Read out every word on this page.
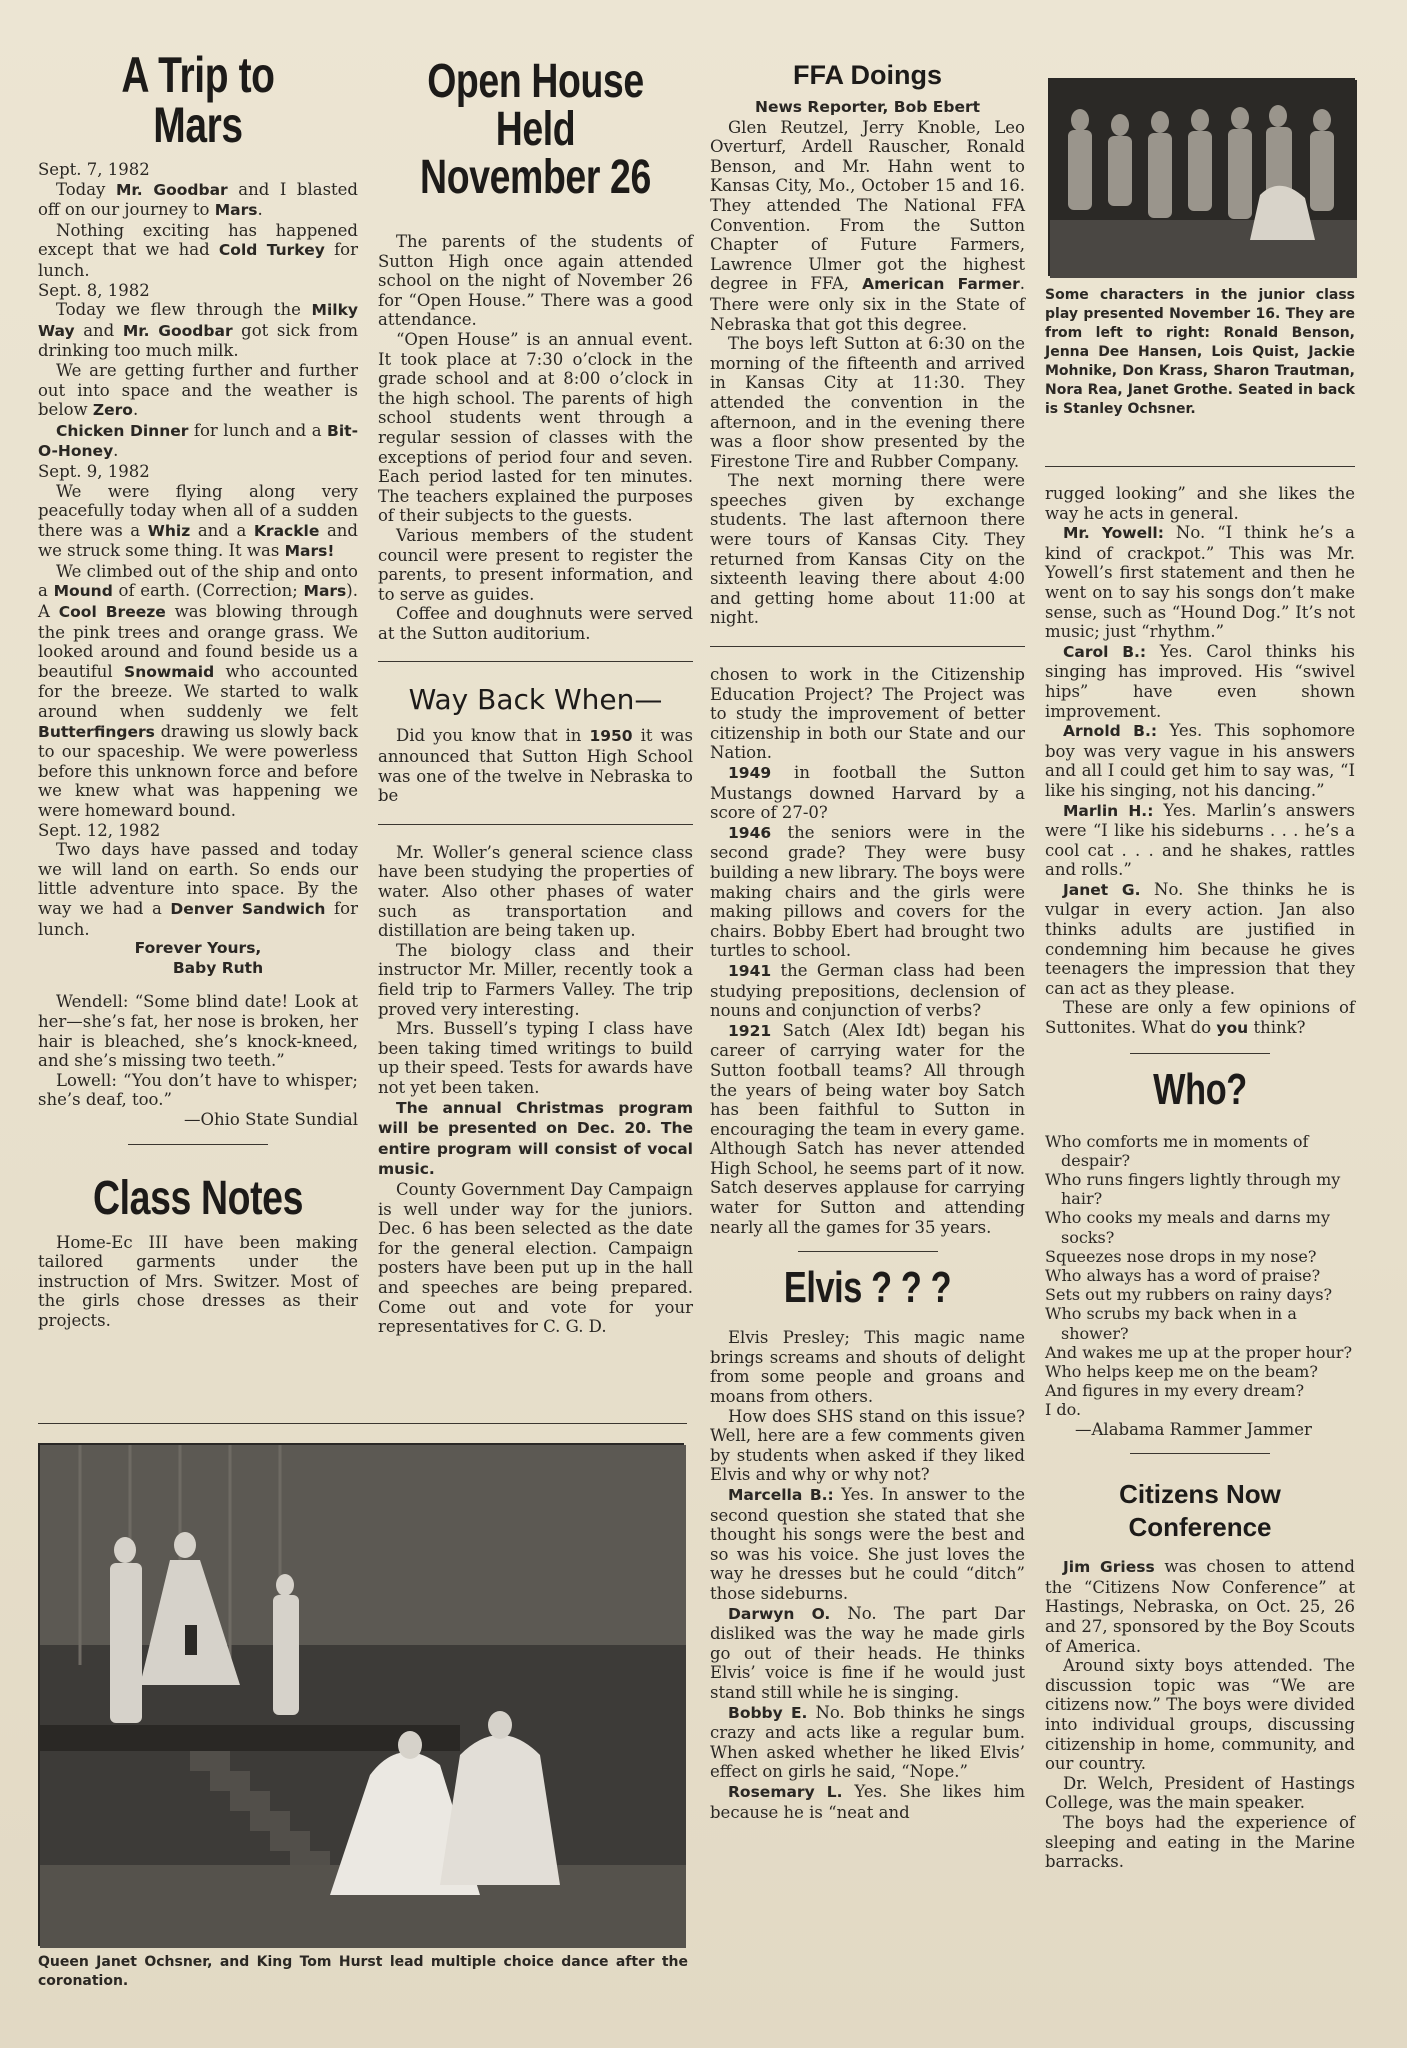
A Trip to Mars
Sept. 7, 1982

Today Mr. Goodbar and I blasted off on our journey to Mars.

Nothing exciting has happened except that we had Cold Turkey for lunch.

Sept. 8, 1982

Today we flew through the Milky Way and Mr. Goodbar got sick from drinking too much milk.

We are getting further and further out into space and the weather is below Zero.

Chicken Dinner for lunch and a Bit-O-Honey.

Sept. 9, 1982

We were flying along very peacefully today when all of a sudden there was a Whiz and a Krackle and we struck some thing. It was Mars!

We climbed out of the ship and onto a Mound of earth. (Correction; Mars). A Cool Breeze was blowing through the pink trees and orange grass. We looked around and found beside us a beautiful Snowmaid who accounted for the breeze. We started to walk around when suddenly we felt Butterfingers drawing us slowly back to our spaceship. We were powerless before this unknown force and before we knew what was happening we were homeward bound.

Sept. 12, 1982

Two days have passed and today we will land on earth. So ends our little adventure into space. By the way we had a Denver Sandwich for lunch.

Forever Yours,
Baby Ruth

Wendell: “Some blind date! Look at her—she’s fat, her nose is broken, her hair is bleached, she’s knock-kneed, and she’s missing two teeth.”

Lowell: “You don’t have to whisper; she’s deaf, too.”

—Ohio State Sundial
Class Notes

Home-Ec III have been making tailored garments under the instruction of Mrs. Switzer. Most of the girls chose dresses as their projects.

Open House Held
November 26

The parents of the students of Sutton High once again attended school on the night of November 26 for “Open House.” There was a good attendance.

“Open House” is an annual event. It took place at 7:30 o’clock in the grade school and at 8:00 o’clock in the high school. The parents of high school students went through a regular session of classes with the exceptions of period four and seven. Each period lasted for ten minutes. The teachers explained the purposes of their subjects to the guests.

Various members of the student council were present to register the parents, to present information, and to serve as guides.

Coffee and doughnuts were served at the Sutton auditorium.

Way Back When—

Did you know that in 1950 it was announced that Sutton High School was one of the twelve in Nebraska to be

Mr. Woller’s general science class have been studying the properties of water. Also other phases of water such as transportation and distillation are being taken up.

The biology class and their instructor Mr. Miller, recently took a field trip to Farmers Valley. The trip proved very interesting.

Mrs. Bussell’s typing I class have been taking timed writings to build up their speed. Tests for awards have not yet been taken.

The annual Christmas program will be presented on Dec. 20. The entire program will consist of vocal music.

County Government Day Campaign is well under way for the juniors. Dec. 6 has been selected as the date for the general election. Campaign posters have been put up in the hall and speeches are being prepared. Come out and vote for your representatives for C. G. D.

FFA Doings

News Reporter, Bob Ebert

Glen Reutzel, Jerry Knoble, Leo Overturf, Ardell Rauscher, Ronald Benson, and Mr. Hahn went to Kansas City, Mo., October 15 and 16. They attended The National FFA Convention. From the Sutton Chapter of Future Farmers, Lawrence Ulmer got the highest degree in FFA, American Farmer. There were only six in the State of Nebraska that got this degree.

The boys left Sutton at 6:30 on the morning of the fifteenth and arrived in Kansas City at 11:30. They attended the convention in the afternoon, and in the evening there was a floor show presented by the Firestone Tire and Rubber Company.

The next morning there were speeches given by exchange students. The last afternoon there were tours of Kansas City. They returned from Kansas City on the sixteenth leaving there about 4:00 and getting home about 11:00 at night.

chosen to work in the Citizenship Education Project? The Project was to study the improvement of better citizenship in both our State and our Nation.

1949 in football the Sutton Mustangs downed Harvard by a score of 27-0?

1946 the seniors were in the second grade? They were busy building a new library. The boys were making chairs and the girls were making pillows and covers for the chairs. Bobby Ebert had brought two turtles to school.

1941 the German class had been studying prepositions, declension of nouns and conjunction of verbs?

1921 Satch (Alex Idt) began his career of carrying water for the Sutton football teams? All through the years of being water boy Satch has been faithful to Sutton in encouraging the team in every game. Although Satch has never attended High School, he seems part of it now. Satch deserves applause for carrying water for Sutton and attending nearly all the games for 35 years.

Elvis ? ? ?

Elvis Presley; This magic name brings screams and shouts of delight from some people and groans and moans from others.

How does SHS stand on this issue? Well, here are a few comments given by students when asked if they liked Elvis and why or why not?

Marcella B.: Yes. In answer to the second question she stated that she thought his songs were the best and so was his voice. She just loves the way he dresses but he could “ditch” those sideburns.

Darwyn O. No. The part Dar disliked was the way he made girls go out of their heads. He thinks Elvis’ voice is fine if he would just stand still while he is singing.

Bobby E. No. Bob thinks he sings crazy and acts like a regular bum. When asked whether he liked Elvis’ effect on girls he said, “Nope.”

Rosemary L. Yes. She likes him because he is “neat and

Some characters in the junior class play presented November 16. They are from left to right: Ronald Benson, Jenna Dee Hansen, Lois Quist, Jackie Mohnike, Don Krass, Sharon Trautman, Nora Rea, Janet Grothe. Seated in back is Stanley Ochsner.

rugged looking” and she likes the way he acts in general.

Mr. Yowell: No. “I think he’s a kind of crackpot.” This was Mr. Yowell’s first statement and then he went on to say his songs don’t make sense, such as “Hound Dog.” It’s not music; just “rhythm.”

Carol B.: Yes. Carol thinks his singing has improved. His “swivel hips” have even shown improvement.

Arnold B.: Yes. This sophomore boy was very vague in his answers and all I could get him to say was, “I like his singing, not his dancing.”

Marlin H.: Yes. Marlin’s answers were “I like his sideburns . . . he’s a cool cat . . . and he shakes, rattles and rolls.”

Janet G. No. She thinks he is vulgar in every action. Jan also thinks adults are justified in condemning him because he gives teenagers the impression that they can act as they please.

These are only a few opinions of Suttonites. What do you think?

Who?
Who comforts me in moments of despair?
Who runs fingers lightly through my hair?
Who cooks my meals and darns my socks?
Squeezes nose drops in my nose?
Who always has a word of praise?
Sets out my rubbers on rainy days?
Who scrubs my back when in a shower?
And wakes me up at the proper hour?
Who helps keep me on the beam?
And figures in my every dream?
I do.
—Alabama Rammer Jammer
Citizens Now
Conference

Jim Griess was chosen to attend the “Citizens Now Conference” at Hastings, Nebraska, on Oct. 25, 26 and 27, sponsored by the Boy Scouts of America.

Around sixty boys attended. The discussion topic was “We are citizens now.” The boys were divided into individual groups, discussing citizenship in home, community, and our country.

Dr. Welch, President of Hastings College, was the main speaker.

The boys had the experience of sleeping and eating in the Marine barracks.

Queen Janet Ochsner, and King Tom Hurst lead multiple choice dance after the coronation.
